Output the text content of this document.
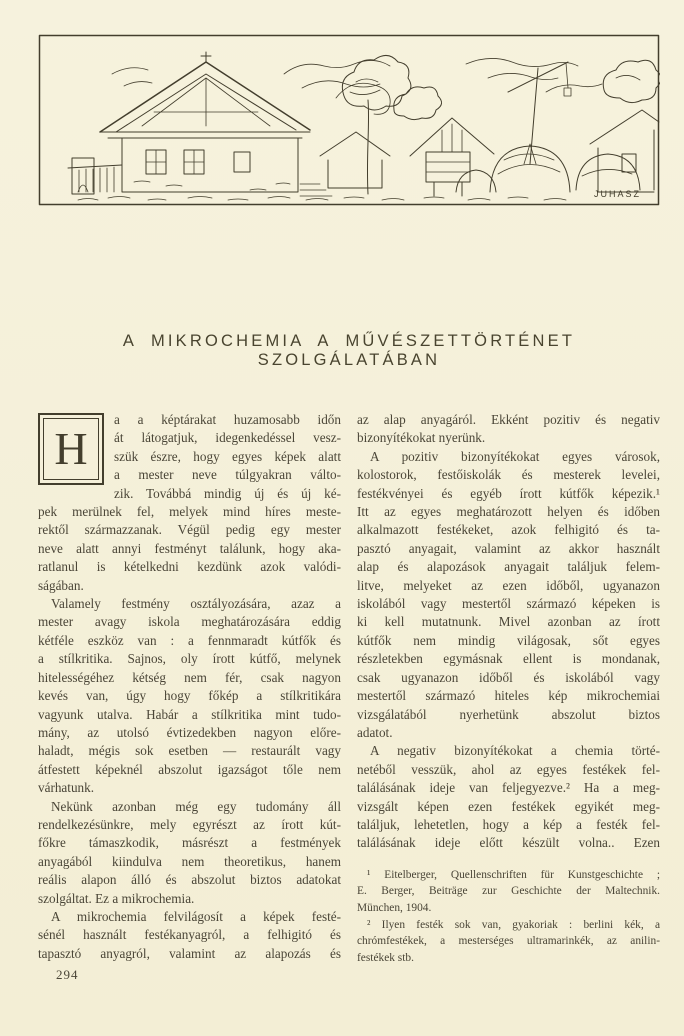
JUHASZ
A MIKROCHEMIA A MŰVÉSZETTÖRTÉNET SZOLGÁLATÁBAN
H
a a képtárakat huzamosabb időn
át látogatjuk, idegenkedéssel vesz-
szük észre, hogy egyes képek alatt
a mester neve túlgyakran válto-
zik. Továbbá mindig új és új ké-
pek merülnek fel, melyek mind híres meste-
rektől származzanak. Végül pedig egy mester
neve alatt annyi festményt találunk, hogy aka-
ratlanul is kételkedni kezdünk azok valódi-
ságában.
Valamely festmény osztályozására, azaz a
mester avagy iskola meghatározására eddig
kétféle eszköz van : a fennmaradt kútfők és
a stílkritika. Sajnos, oly írott kútfő, melynek
hitelességéhez kétség nem fér, csak nagyon
kevés van, úgy hogy főkép a stílkritikára
vagyunk utalva. Habár a stílkritika mint tudo-
mány, az utolsó évtizedekben nagyon előre-
haladt, mégis sok esetben — restaurált vagy
átfestett képeknél abszolut igazságot tőle nem
várhatunk.
Nekünk azonban még egy tudomány áll
rendelkezésünkre, mely egyrészt az írott kút-
főkre támaszkodik, másrészt a festmények
anyagából kiindulva nem theoretikus, hanem
reális alapon álló és abszolut biztos adatokat
szolgáltat. Ez a mikrochemia.
A mikrochemia felvilágosít a képek festé-
sénél használt festékanyagról, a felhigitó és
tapasztó anyagról, valamint az alapozás és
294
az alap anyagáról. Ekként pozitiv és negativ
bizonyítékokat nyerünk.
A pozitiv bizonyítékokat egyes városok,
kolostorok, festőiskolák és mesterek levelei,
festékvényei és egyéb írott kútfők képezik.¹
Itt az egyes meghatározott helyen és időben
alkalmazott festékeket, azok felhigitó és ta-
pasztó anyagait, valamint az akkor használt
alap és alapozások anyagait találjuk felem-
litve, melyeket az ezen időből, ugyanazon
iskolából vagy mestertől származó képeken is
ki kell mutatnunk. Mivel azonban az írott
kútfők nem mindig világosak, sőt egyes
részletekben egymásnak ellent is mondanak,
csak ugyanazon időből és iskolából vagy
mestertől származó hiteles kép mikrochemiai
vizsgálatából nyerhetünk abszolut biztos
adatot.
A negativ bizonyítékokat a chemia törté-
netéből vesszük, ahol az egyes festékek fel-
találásának ideje van feljegyezve.² Ha a meg-
vizsgált képen ezen festékek egyikét meg-
találjuk, lehetetlen, hogy a kép a festék fel-
találásának ideje előtt készült volna.. Ezen
¹ Eitelberger, Quellenschriften für Kunstgeschichte ;
E. Berger, Beiträge zur Geschichte der Maltechnik.
München, 1904.
² Ilyen festék sok van, gyakoriak : berlini kék, a
chrómfestékek, a mesterséges ultramarinkék, az anilin-
festékek stb.
